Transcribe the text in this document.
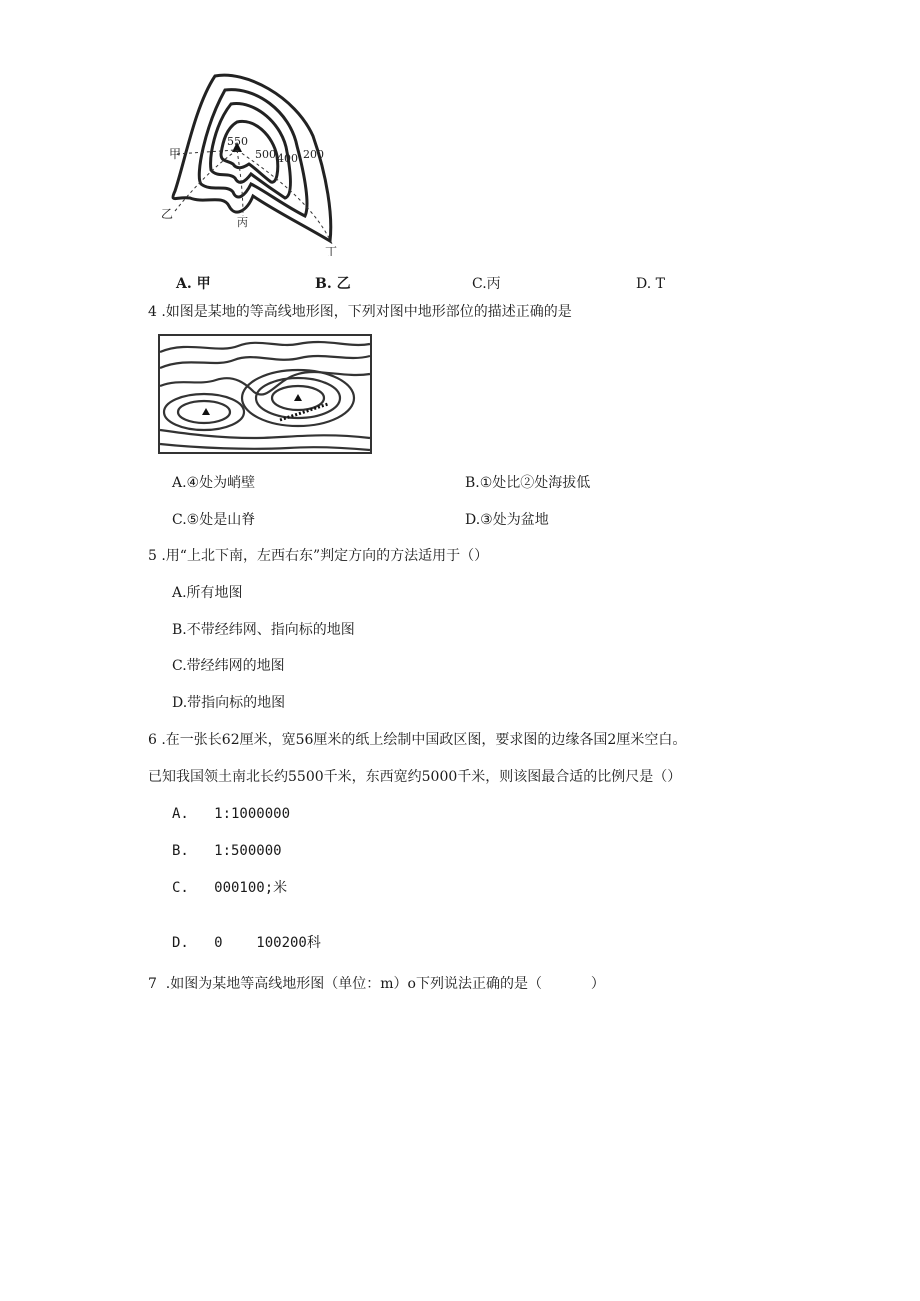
甲
乙
丙
丁
550
500 400 200
A. 甲	B. 乙	C.丙	D. T
4 .如图是某地的等高线地形图，下列对图中地形部位的描述正确的是
A.④处为峭壁	B.①处比②处海拔低
C.⑤处是山脊	D.③处为盆地
5 .用“上北下南，左西右东”判定方向的方法适用于（）
A.所有地图
B.不带经纬网、指向标的地图
C.带经纬网的地图
D.带指向标的地图
6 .在一张长62厘米，宽56厘米的纸上绘制中国政区图，要求图的边缘各国2厘米空白。
已知我国领土南北长约5500千米，东西宽约5000千米，则该图最合适的比例尺是（）
A.   1:1000000
B.   1:500000
C.   000100;米
D.   0    100200科
7  .如图为某地等高线地形图（单位：m）o下列说法正确的是（           ）
